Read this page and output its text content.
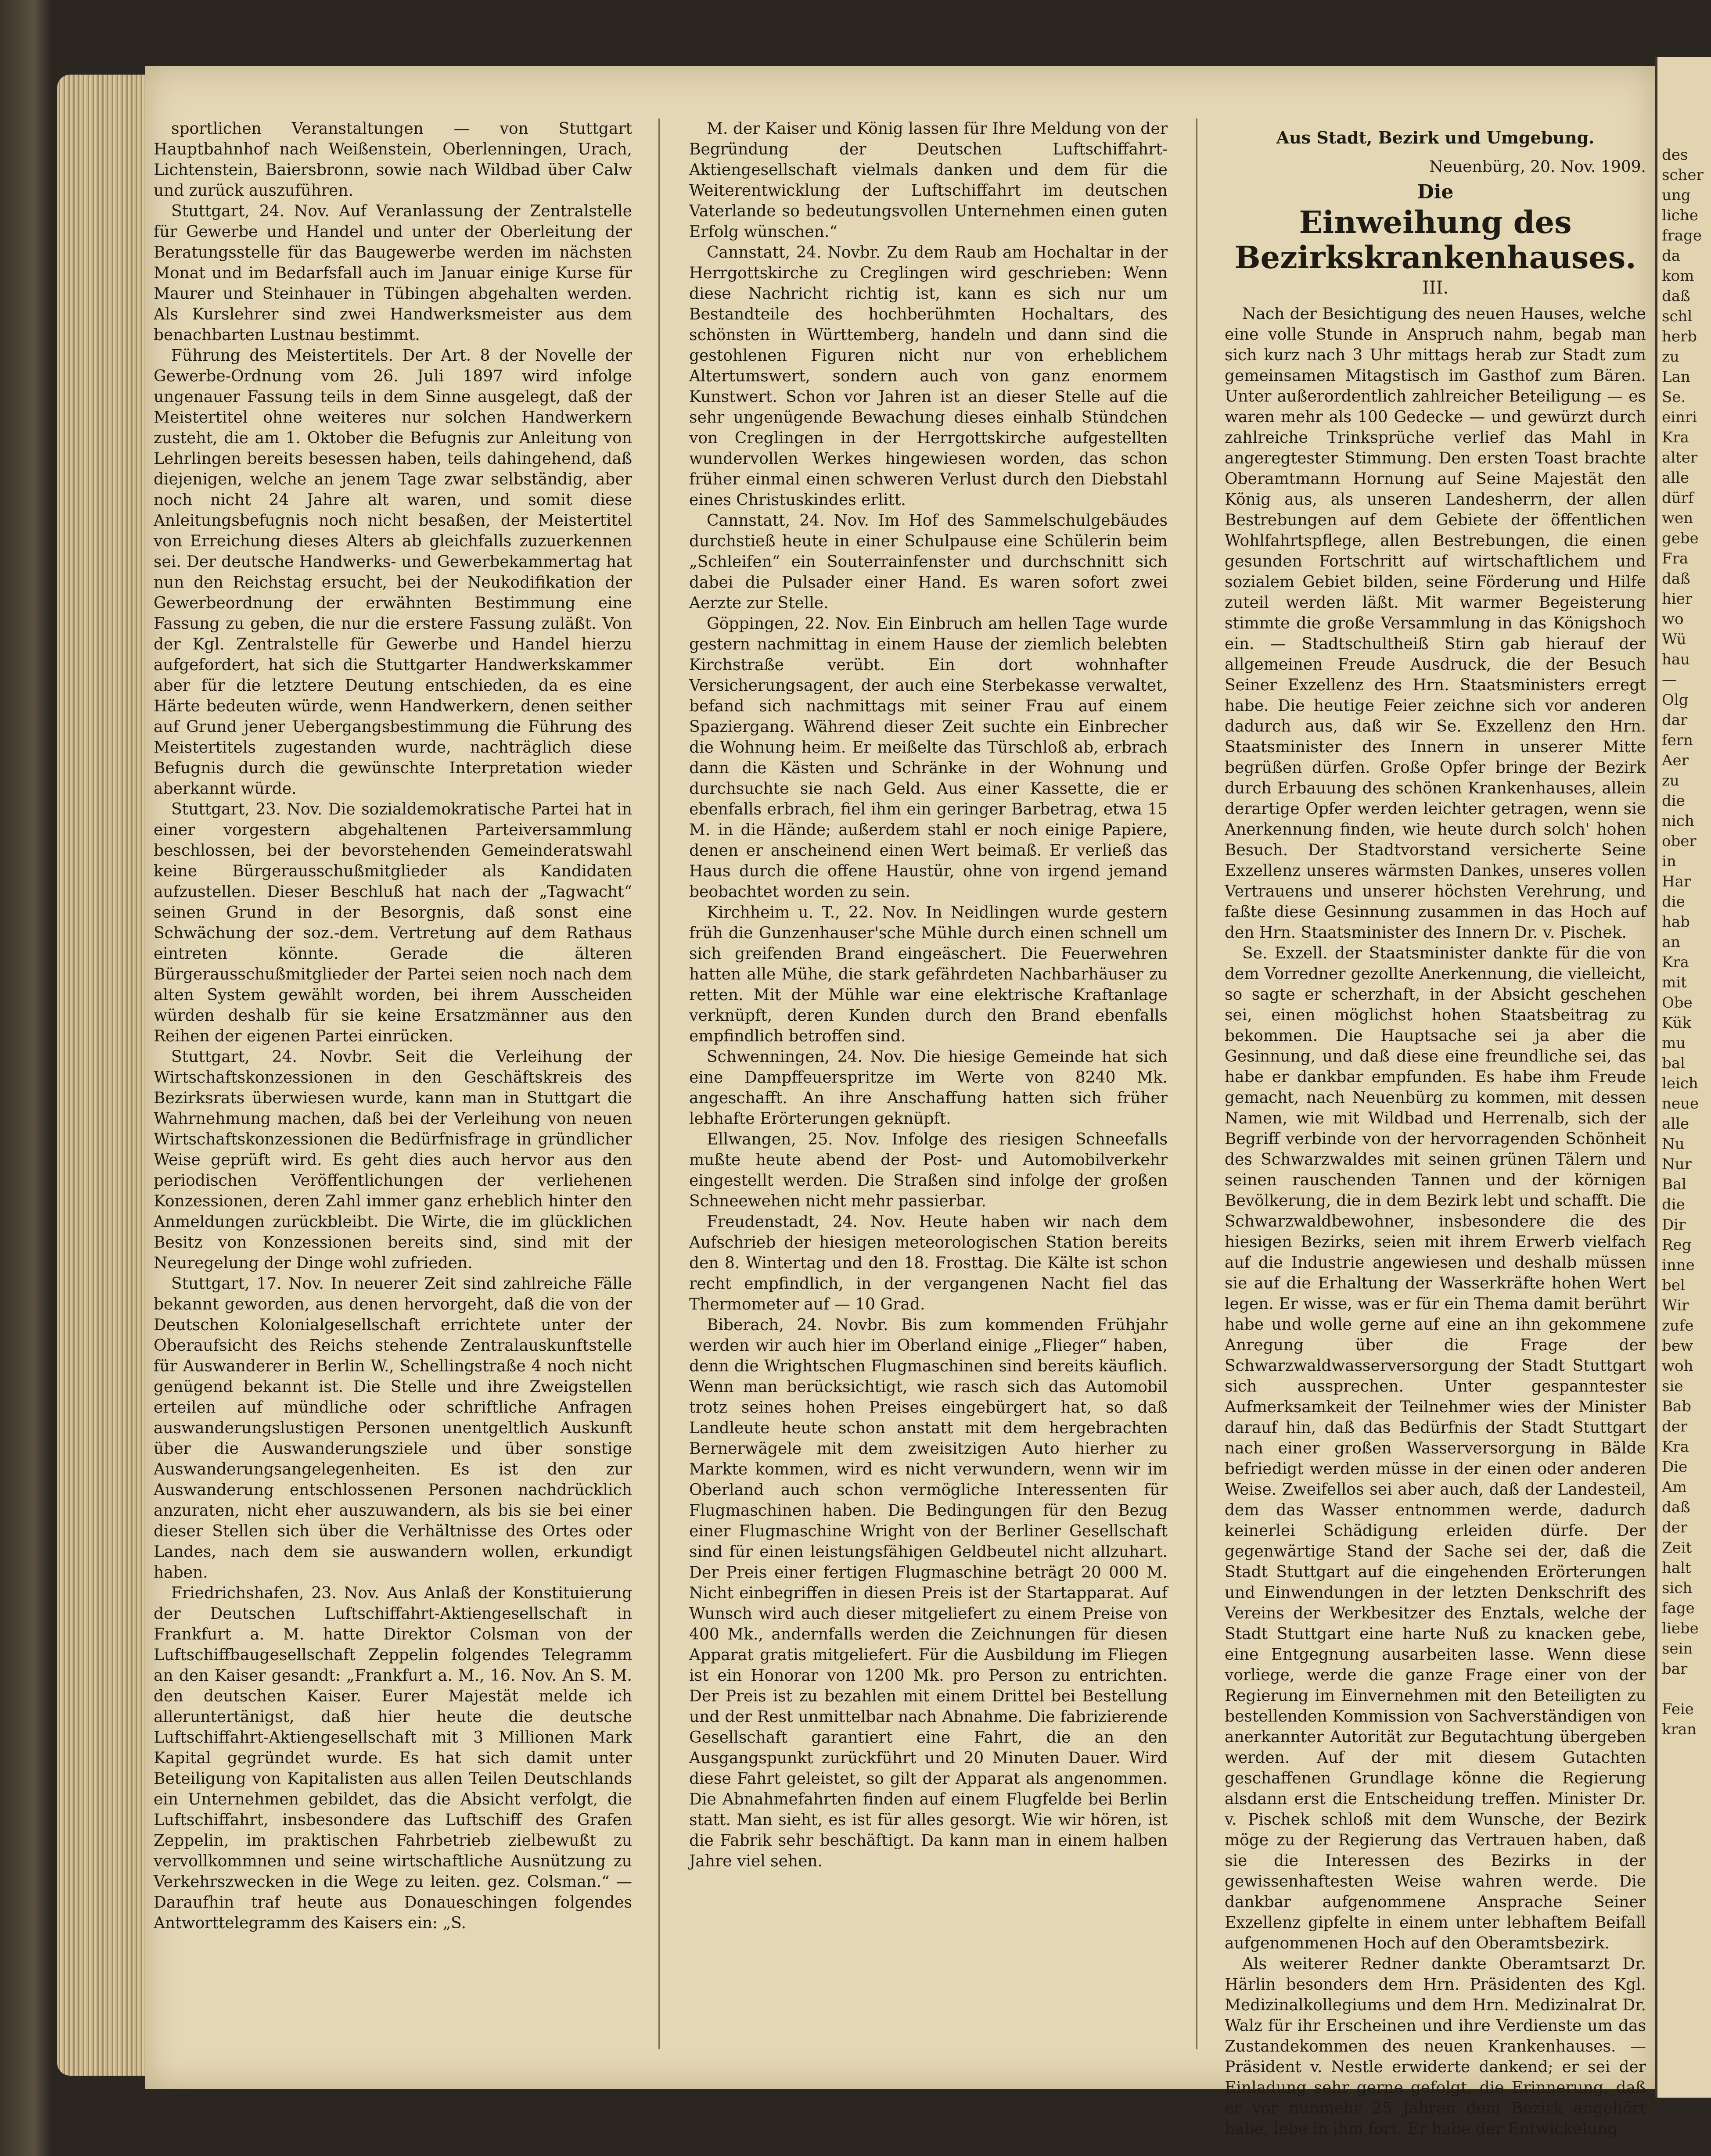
sportlichen Veranstaltungen — von Stuttgart Hauptbahnhof nach Weißenstein, Oberlenningen, Urach, Lichtenstein, Baiersbronn, sowie nach Wildbad über Calw und zurück auszuführen.

Stuttgart, 24. Nov. Auf Veranlassung der Zentralstelle für Gewerbe und Handel und unter der Oberleitung der Beratungsstelle für das Baugewerbe werden im nächsten Monat und im Bedarfsfall auch im Januar einige Kurse für Maurer und Steinhauer in Tübingen abgehalten werden. Als Kurslehrer sind zwei Handwerksmeister aus dem benachbarten Lustnau bestimmt.

Führung des Meistertitels. Der Art. 8 der Novelle der Gewerbe-Ordnung vom 26. Juli 1897 wird infolge ungenauer Fassung teils in dem Sinne ausgelegt, daß der Meistertitel ohne weiteres nur solchen Handwerkern zusteht, die am 1. Oktober die Befugnis zur Anleitung von Lehrlingen bereits besessen haben, teils dahingehend, daß diejenigen, welche an jenem Tage zwar selbständig, aber noch nicht 24 Jahre alt waren, und somit diese Anleitungsbefugnis noch nicht besaßen, der Meistertitel von Erreichung dieses Alters ab gleichfalls zuzuerkennen sei. Der deutsche Handwerks- und Gewerbekammertag hat nun den Reichstag ersucht, bei der Neukodifikation der Gewerbeordnung der erwähnten Bestimmung eine Fassung zu geben, die nur die erstere Fassung zuläßt. Von der Kgl. Zentralstelle für Gewerbe und Handel hierzu aufgefordert, hat sich die Stuttgarter Handwerkskammer aber für die letztere Deutung entschieden, da es eine Härte bedeuten würde, wenn Handwerkern, denen seither auf Grund jener Uebergangsbestimmung die Führung des Meistertitels zugestanden wurde, nachträglich diese Befugnis durch die gewünschte Interpretation wieder aberkannt würde.

Stuttgart, 23. Nov. Die sozialdemokratische Partei hat in einer vorgestern abgehaltenen Parteiversammlung beschlossen, bei der bevorstehenden Gemeinderatswahl keine Bürgerausschußmitglieder als Kandidaten aufzustellen. Dieser Beschluß hat nach der „Tagwacht“ seinen Grund in der Besorgnis, daß sonst eine Schwächung der soz.-dem. Vertretung auf dem Rathaus eintreten könnte. Gerade die älteren Bürgerausschußmitglieder der Partei seien noch nach dem alten System gewählt worden, bei ihrem Ausscheiden würden deshalb für sie keine Ersatzmänner aus den Reihen der eigenen Partei einrücken.

Stuttgart, 24. Novbr. Seit die Verleihung der Wirtschaftskonzessionen in den Geschäftskreis des Bezirksrats überwiesen wurde, kann man in Stuttgart die Wahrnehmung machen, daß bei der Verleihung von neuen Wirtschaftskonzessionen die Bedürfnisfrage in gründlicher Weise geprüft wird. Es geht dies auch hervor aus den periodischen Veröffentlichungen der verliehenen Konzessionen, deren Zahl immer ganz erheblich hinter den Anmeldungen zurückbleibt. Die Wirte, die im glücklichen Besitz von Konzessionen bereits sind, sind mit der Neuregelung der Dinge wohl zufrieden.

Stuttgart, 17. Nov. In neuerer Zeit sind zahlreiche Fälle bekannt geworden, aus denen hervorgeht, daß die von der Deutschen Kolonialgesellschaft errichtete unter der Oberaufsicht des Reichs stehende Zentralauskunftstelle für Auswanderer in Berlin W., Schellingstraße 4 noch nicht genügend bekannt ist. Die Stelle und ihre Zweigstellen erteilen auf mündliche oder schriftliche Anfragen auswanderungslustigen Personen unentgeltlich Auskunft über die Auswanderungsziele und über sonstige Auswanderungsangelegenheiten. Es ist den zur Auswanderung entschlossenen Personen nachdrücklich anzuraten, nicht eher auszuwandern, als bis sie bei einer dieser Stellen sich über die Verhältnisse des Ortes oder Landes, nach dem sie auswandern wollen, erkundigt haben.

Friedrichshafen, 23. Nov. Aus Anlaß der Konstituierung der Deutschen Luftschiffahrt-Aktiengesellschaft in Frankfurt a. M. hatte Direktor Colsman von der Luftschiffbaugesellschaft Zeppelin folgendes Telegramm an den Kaiser gesandt: „Frankfurt a. M., 16. Nov. An S. M. den deutschen Kaiser. Eurer Majestät melde ich alleruntertänigst, daß hier heute die deutsche Luftschiffahrt-Aktiengesellschaft mit 3 Millionen Mark Kapital gegründet wurde. Es hat sich damit unter Beteiligung von Kapitalisten aus allen Teilen Deutschlands ein Unternehmen gebildet, das die Absicht verfolgt, die Luftschiffahrt, insbesondere das Luftschiff des Grafen Zeppelin, im praktischen Fahrbetrieb zielbewußt zu vervollkommnen und seine wirtschaftliche Ausnützung zu Verkehrszwecken in die Wege zu leiten. gez. Colsman.“ — Daraufhin traf heute aus Donaueschingen folgendes Antworttelegramm des Kaisers ein: „S.

M. der Kaiser und König lassen für Ihre Meldung von der Begründung der Deutschen Luftschiffahrt-Aktiengesellschaft vielmals danken und dem für die Weiterentwicklung der Luftschiffahrt im deutschen Vaterlande so bedeutungsvollen Unternehmen einen guten Erfolg wünschen.“

Cannstatt, 24. Novbr. Zu dem Raub am Hochaltar in der Herrgottskirche zu Creglingen wird geschrieben: Wenn diese Nachricht richtig ist, kann es sich nur um Bestandteile des hochberühmten Hochaltars, des schönsten in Württemberg, handeln und dann sind die gestohlenen Figuren nicht nur von erheblichem Altertumswert, sondern auch von ganz enormem Kunstwert. Schon vor Jahren ist an dieser Stelle auf die sehr ungenügende Bewachung dieses einhalb Stündchen von Creglingen in der Herrgottskirche aufgestellten wundervollen Werkes hingewiesen worden, das schon früher einmal einen schweren Verlust durch den Diebstahl eines Christuskindes erlitt.

Cannstatt, 24. Nov. Im Hof des Sammelschulgebäudes durchstieß heute in einer Schulpause eine Schülerin beim „Schleifen“ ein Souterrainfenster und durchschnitt sich dabei die Pulsader einer Hand. Es waren sofort zwei Aerzte zur Stelle.

Göppingen, 22. Nov. Ein Einbruch am hellen Tage wurde gestern nachmittag in einem Hause der ziemlich belebten Kirchstraße verübt. Ein dort wohnhafter Versicherungsagent, der auch eine Sterbekasse verwaltet, befand sich nachmittags mit seiner Frau auf einem Spaziergang. Während dieser Zeit suchte ein Einbrecher die Wohnung heim. Er meißelte das Türschloß ab, erbrach dann die Kästen und Schränke in der Wohnung und durchsuchte sie nach Geld. Aus einer Kassette, die er ebenfalls erbrach, fiel ihm ein geringer Barbetrag, etwa 15 M. in die Hände; außerdem stahl er noch einige Papiere, denen er anscheinend einen Wert beimaß. Er verließ das Haus durch die offene Haustür, ohne von irgend jemand beobachtet worden zu sein.

Kirchheim u. T., 22. Nov. In Neidlingen wurde gestern früh die Gunzenhauser'sche Mühle durch einen schnell um sich greifenden Brand eingeäschert. Die Feuerwehren hatten alle Mühe, die stark gefährdeten Nachbarhäuser zu retten. Mit der Mühle war eine elektrische Kraftanlage verknüpft, deren Kunden durch den Brand ebenfalls empfindlich betroffen sind.

Schwenningen, 24. Nov. Die hiesige Gemeinde hat sich eine Dampffeuerspritze im Werte von 8240 Mk. angeschafft. An ihre Anschaffung hatten sich früher lebhafte Erörterungen geknüpft.

Ellwangen, 25. Nov. Infolge des riesigen Schneefalls mußte heute abend der Post- und Automobilverkehr eingestellt werden. Die Straßen sind infolge der großen Schneewehen nicht mehr passierbar.

Freudenstadt, 24. Nov. Heute haben wir nach dem Aufschrieb der hiesigen meteorologischen Station bereits den 8. Wintertag und den 18. Frosttag. Die Kälte ist schon recht empfindlich, in der vergangenen Nacht fiel das Thermometer auf — 10 Grad.

Biberach, 24. Novbr. Bis zum kommenden Frühjahr werden wir auch hier im Oberland einige „Flieger“ haben, denn die Wrightschen Flugmaschinen sind bereits käuflich. Wenn man berücksichtigt, wie rasch sich das Automobil trotz seines hohen Preises eingebürgert hat, so daß Landleute heute schon anstatt mit dem hergebrachten Bernerwägele mit dem zweisitzigen Auto hierher zu Markte kommen, wird es nicht verwundern, wenn wir im Oberland auch schon vermögliche Interessenten für Flugmaschinen haben. Die Bedingungen für den Bezug einer Flugmaschine Wright von der Berliner Gesellschaft sind für einen leistungsfähigen Geldbeutel nicht allzuhart. Der Preis einer fertigen Flugmaschine beträgt 20 000 M. Nicht einbegriffen in diesen Preis ist der Startapparat. Auf Wunsch wird auch dieser mitgeliefert zu einem Preise von 400 Mk., andernfalls werden die Zeichnungen für diesen Apparat gratis mitgeliefert. Für die Ausbildung im Fliegen ist ein Honorar von 1200 Mk. pro Person zu entrichten. Der Preis ist zu bezahlen mit einem Drittel bei Bestellung und der Rest unmittelbar nach Abnahme. Die fabrizierende Gesellschaft garantiert eine Fahrt, die an den Ausgangspunkt zurückführt und 20 Minuten Dauer. Wird diese Fahrt geleistet, so gilt der Apparat als angenommen. Die Abnahmefahrten finden auf einem Flugfelde bei Berlin statt. Man sieht, es ist für alles gesorgt. Wie wir hören, ist die Fabrik sehr beschäftigt. Da kann man in einem halben Jahre viel sehen.

Aus Stadt, Bezirk und Umgebung.
Neuenbürg, 20. Nov. 1909.
Die
Einweihung des Bezirkskrankenhauses.
III.

Nach der Besichtigung des neuen Hauses, welche eine volle Stunde in Anspruch nahm, begab man sich kurz nach 3 Uhr mittags herab zur Stadt zum gemeinsamen Mitagstisch im Gasthof zum Bären. Unter außerordentlich zahlreicher Beteiligung — es waren mehr als 100 Gedecke — und gewürzt durch zahlreiche Trinksprüche verlief das Mahl in angeregtester Stimmung. Den ersten Toast brachte Oberamtmann Hornung auf Seine Majestät den König aus, als unseren Landesherrn, der allen Bestrebungen auf dem Gebiete der öffentlichen Wohlfahrtspflege, allen Bestrebungen, die einen gesunden Fortschritt auf wirtschaftlichem und sozialem Gebiet bilden, seine Förderung und Hilfe zuteil werden läßt. Mit warmer Begeisterung stimmte die große Versammlung in das Königshoch ein. — Stadtschultheiß Stirn gab hierauf der allgemeinen Freude Ausdruck, die der Besuch Seiner Exzellenz des Hrn. Staatsministers erregt habe. Die heutige Feier zeichne sich vor anderen dadurch aus, daß wir Se. Exzellenz den Hrn. Staatsminister des Innern in unserer Mitte begrüßen dürfen. Große Opfer bringe der Bezirk durch Erbauung des schönen Krankenhauses, allein derartige Opfer werden leichter getragen, wenn sie Anerkennung finden, wie heute durch solch' hohen Besuch. Der Stadtvorstand versicherte Seine Exzellenz unseres wärmsten Dankes, unseres vollen Vertrauens und unserer höchsten Verehrung, und faßte diese Gesinnung zusammen in das Hoch auf den Hrn. Staatsminister des Innern Dr. v. Pischek.

Se. Exzell. der Staatsminister dankte für die von dem Vorredner gezollte Anerkennung, die vielleicht, so sagte er scherzhaft, in der Absicht geschehen sei, einen möglichst hohen Staatsbeitrag zu bekommen. Die Hauptsache sei ja aber die Gesinnung, und daß diese eine freundliche sei, das habe er dankbar empfunden. Es habe ihm Freude gemacht, nach Neuenbürg zu kommen, mit dessen Namen, wie mit Wildbad und Herrenalb, sich der Begriff verbinde von der hervorragenden Schönheit des Schwarzwaldes mit seinen grünen Tälern und seinen rauschenden Tannen und der körnigen Bevölkerung, die in dem Bezirk lebt und schafft. Die Schwarzwaldbewohner, insbesondere die des hiesigen Bezirks, seien mit ihrem Erwerb vielfach auf die Industrie angewiesen und deshalb müssen sie auf die Erhaltung der Wasserkräfte hohen Wert legen. Er wisse, was er für ein Thema damit berührt habe und wolle gerne auf eine an ihn gekommene Anregung über die Frage der Schwarzwaldwasserversorgung der Stadt Stuttgart sich aussprechen. Unter gespanntester Aufmerksamkeit der Teilnehmer wies der Minister darauf hin, daß das Bedürfnis der Stadt Stuttgart nach einer großen Wasserversorgung in Bälde befriedigt werden müsse in der einen oder anderen Weise. Zweifellos sei aber auch, daß der Landesteil, dem das Wasser entnommen werde, dadurch keinerlei Schädigung erleiden dürfe. Der gegenwärtige Stand der Sache sei der, daß die Stadt Stuttgart auf die eingehenden Erörterungen und Einwendungen in der letzten Denkschrift des Vereins der Werkbesitzer des Enztals, welche der Stadt Stuttgart eine harte Nuß zu knacken gebe, eine Entgegnung ausarbeiten lasse. Wenn diese vorliege, werde die ganze Frage einer von der Regierung im Einvernehmen mit den Beteiligten zu bestellenden Kommission von Sachverständigen von anerkannter Autorität zur Begutachtung übergeben werden. Auf der mit diesem Gutachten geschaffenen Grundlage könne die Regierung alsdann erst die Entscheidung treffen. Minister Dr. v. Pischek schloß mit dem Wunsche, der Bezirk möge zu der Regierung das Vertrauen haben, daß sie die Interessen des Bezirks in der gewissenhaftesten Weise wahren werde. Die dankbar aufgenommene Ansprache Seiner Exzellenz gipfelte in einem unter lebhaftem Beifall aufgenommenen Hoch auf den Oberamtsbezirk.

Als weiterer Redner dankte Oberamtsarzt Dr. Härlin besonders dem Hrn. Präsidenten des Kgl. Medizinalkollegiums und dem Hrn. Medizinalrat Dr. Walz für ihr Erscheinen und ihre Verdienste um das Zustandekommen des neuen Krankenhauses. — Präsident v. Nestle erwiderte dankend; er sei der Einladung sehr gerne gefolgt, die Erinnerung, daß er vor nunmehr 25 Jahren dem Bezirk angehört habe, lebe in ihm fort. Er habe der Entwickelung

des
scher
ung
liche
frage
da
kom
daß
schl
herb
zu
Lan
Se.
einri
Kra
alter
alle
dürf
wen
gebe
Fra
daß
hier
wo
Wü
hau
—
Olg
dar
fern
Aer
zu
die
nich
ober
in
Har
die
hab
an
Kra
mit
Obe
Kük
mu
bal
leich
neue
alle
Nu
Nur
Bal
die
Dir
Reg
inne
bel
Wir
zufe
bew
woh
sie
Bab
der
Kra
Die
Am
daß
der
Zeit
halt
sich
fage
liebe
sein
bar

Feie
kran
